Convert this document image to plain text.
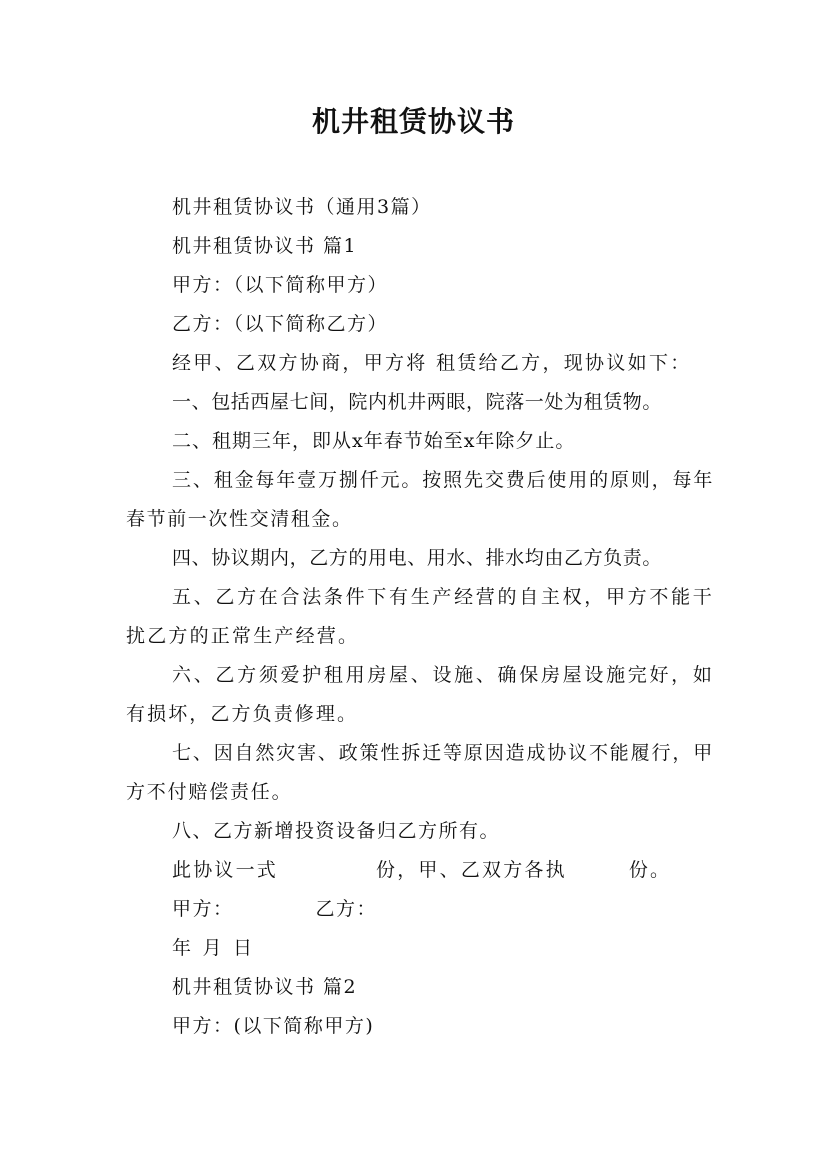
机井租赁协议书

机井租赁协议书（通用3篇）

机井租赁协议书 篇1

甲方：（以下简称甲方）

乙方：（以下简称乙方）

经甲、乙双方协商，甲方将 租赁给乙方，现协议如下：

一、包括西屋七间，院内机井两眼，院落一处为租赁物。

二、租期三年，即从x年春节始至x年除夕止。

三、租金每年壹万捌仟元。按照先交费后使用的原则，每年春节前一次性交清租金。

四、协议期内，乙方的用电、用水、排水均由乙方负责。

五、乙方在合法条件下有生产经营的自主权，甲方不能干扰乙方的正常生产经营。

六、乙方须爱护租用房屋、设施、确保房屋设施完好，如有损坏，乙方负责修理。

七、因自然灾害、政策性拆迁等原因造成协议不能履行，甲方不付赔偿责任。

八、乙方新增投资设备归乙方所有。

此协议一式	份，甲、乙双方各执	份。

甲方：	乙方：

年 月 日

机井租赁协议书 篇2

甲方：(以下简称甲方)
